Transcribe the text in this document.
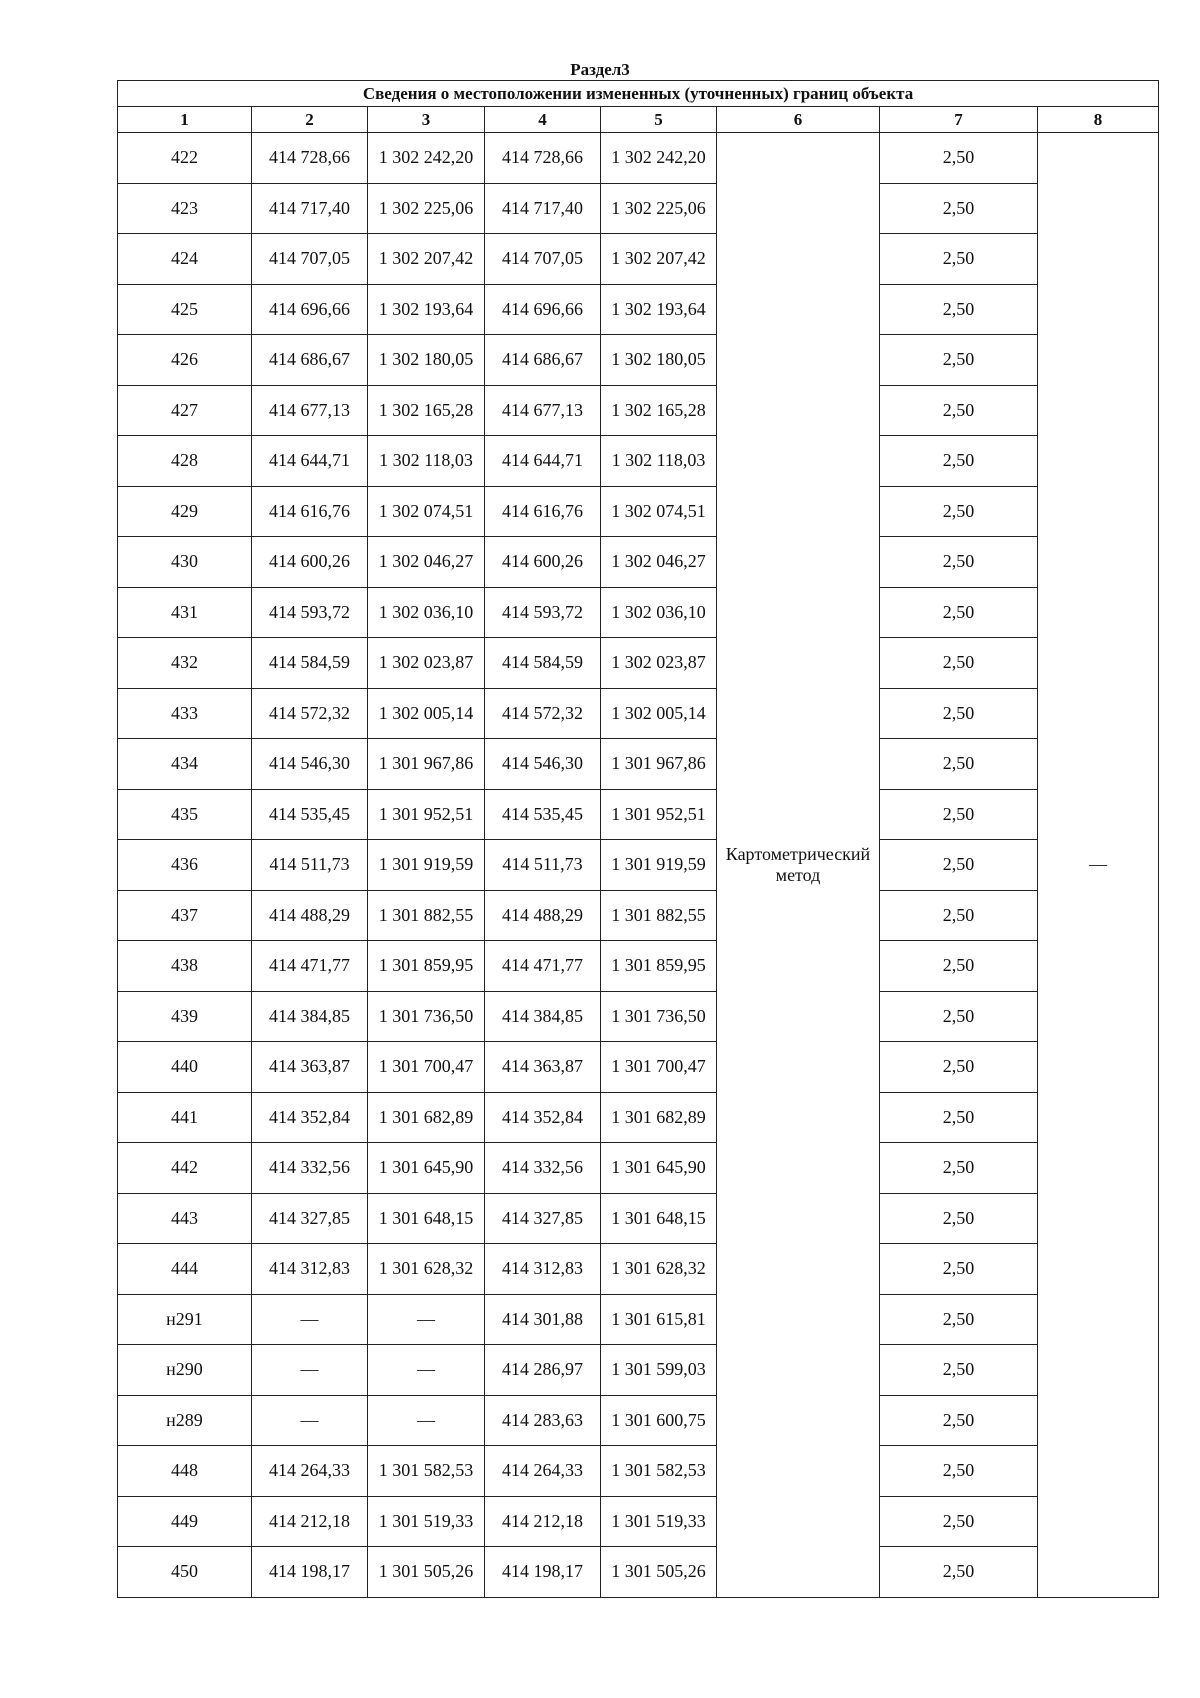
Раздел3
Сведения о местоположении измененных (уточненных) границ объекта							
1	2	3	4	5	6	7	8
422	414 728,66	1 302 242,20	414 728,66	1 302 242,20	Картометрический метод	2,50	—
423	414 717,40	1 302 225,06	414 717,40	1 302 225,06		2,50	
424	414 707,05	1 302 207,42	414 707,05	1 302 207,42		2,50	
425	414 696,66	1 302 193,64	414 696,66	1 302 193,64		2,50	
426	414 686,67	1 302 180,05	414 686,67	1 302 180,05		2,50	
427	414 677,13	1 302 165,28	414 677,13	1 302 165,28		2,50	
428	414 644,71	1 302 118,03	414 644,71	1 302 118,03		2,50	
429	414 616,76	1 302 074,51	414 616,76	1 302 074,51		2,50	
430	414 600,26	1 302 046,27	414 600,26	1 302 046,27		2,50	
431	414 593,72	1 302 036,10	414 593,72	1 302 036,10		2,50	
432	414 584,59	1 302 023,87	414 584,59	1 302 023,87		2,50	
433	414 572,32	1 302 005,14	414 572,32	1 302 005,14		2,50	
434	414 546,30	1 301 967,86	414 546,30	1 301 967,86		2,50	
435	414 535,45	1 301 952,51	414 535,45	1 301 952,51		2,50	
436	414 511,73	1 301 919,59	414 511,73	1 301 919,59		2,50	
437	414 488,29	1 301 882,55	414 488,29	1 301 882,55		2,50	
438	414 471,77	1 301 859,95	414 471,77	1 301 859,95		2,50	
439	414 384,85	1 301 736,50	414 384,85	1 301 736,50		2,50	
440	414 363,87	1 301 700,47	414 363,87	1 301 700,47		2,50	
441	414 352,84	1 301 682,89	414 352,84	1 301 682,89		2,50	
442	414 332,56	1 301 645,90	414 332,56	1 301 645,90		2,50	
443	414 327,85	1 301 648,15	414 327,85	1 301 648,15		2,50	
444	414 312,83	1 301 628,32	414 312,83	1 301 628,32		2,50	
н291	—	—	414 301,88	1 301 615,81		2,50	
н290	—	—	414 286,97	1 301 599,03		2,50	
н289	—	—	414 283,63	1 301 600,75		2,50	
448	414 264,33	1 301 582,53	414 264,33	1 301 582,53		2,50	
449	414 212,18	1 301 519,33	414 212,18	1 301 519,33		2,50	
450	414 198,17	1 301 505,26	414 198,17	1 301 505,26		2,50	
